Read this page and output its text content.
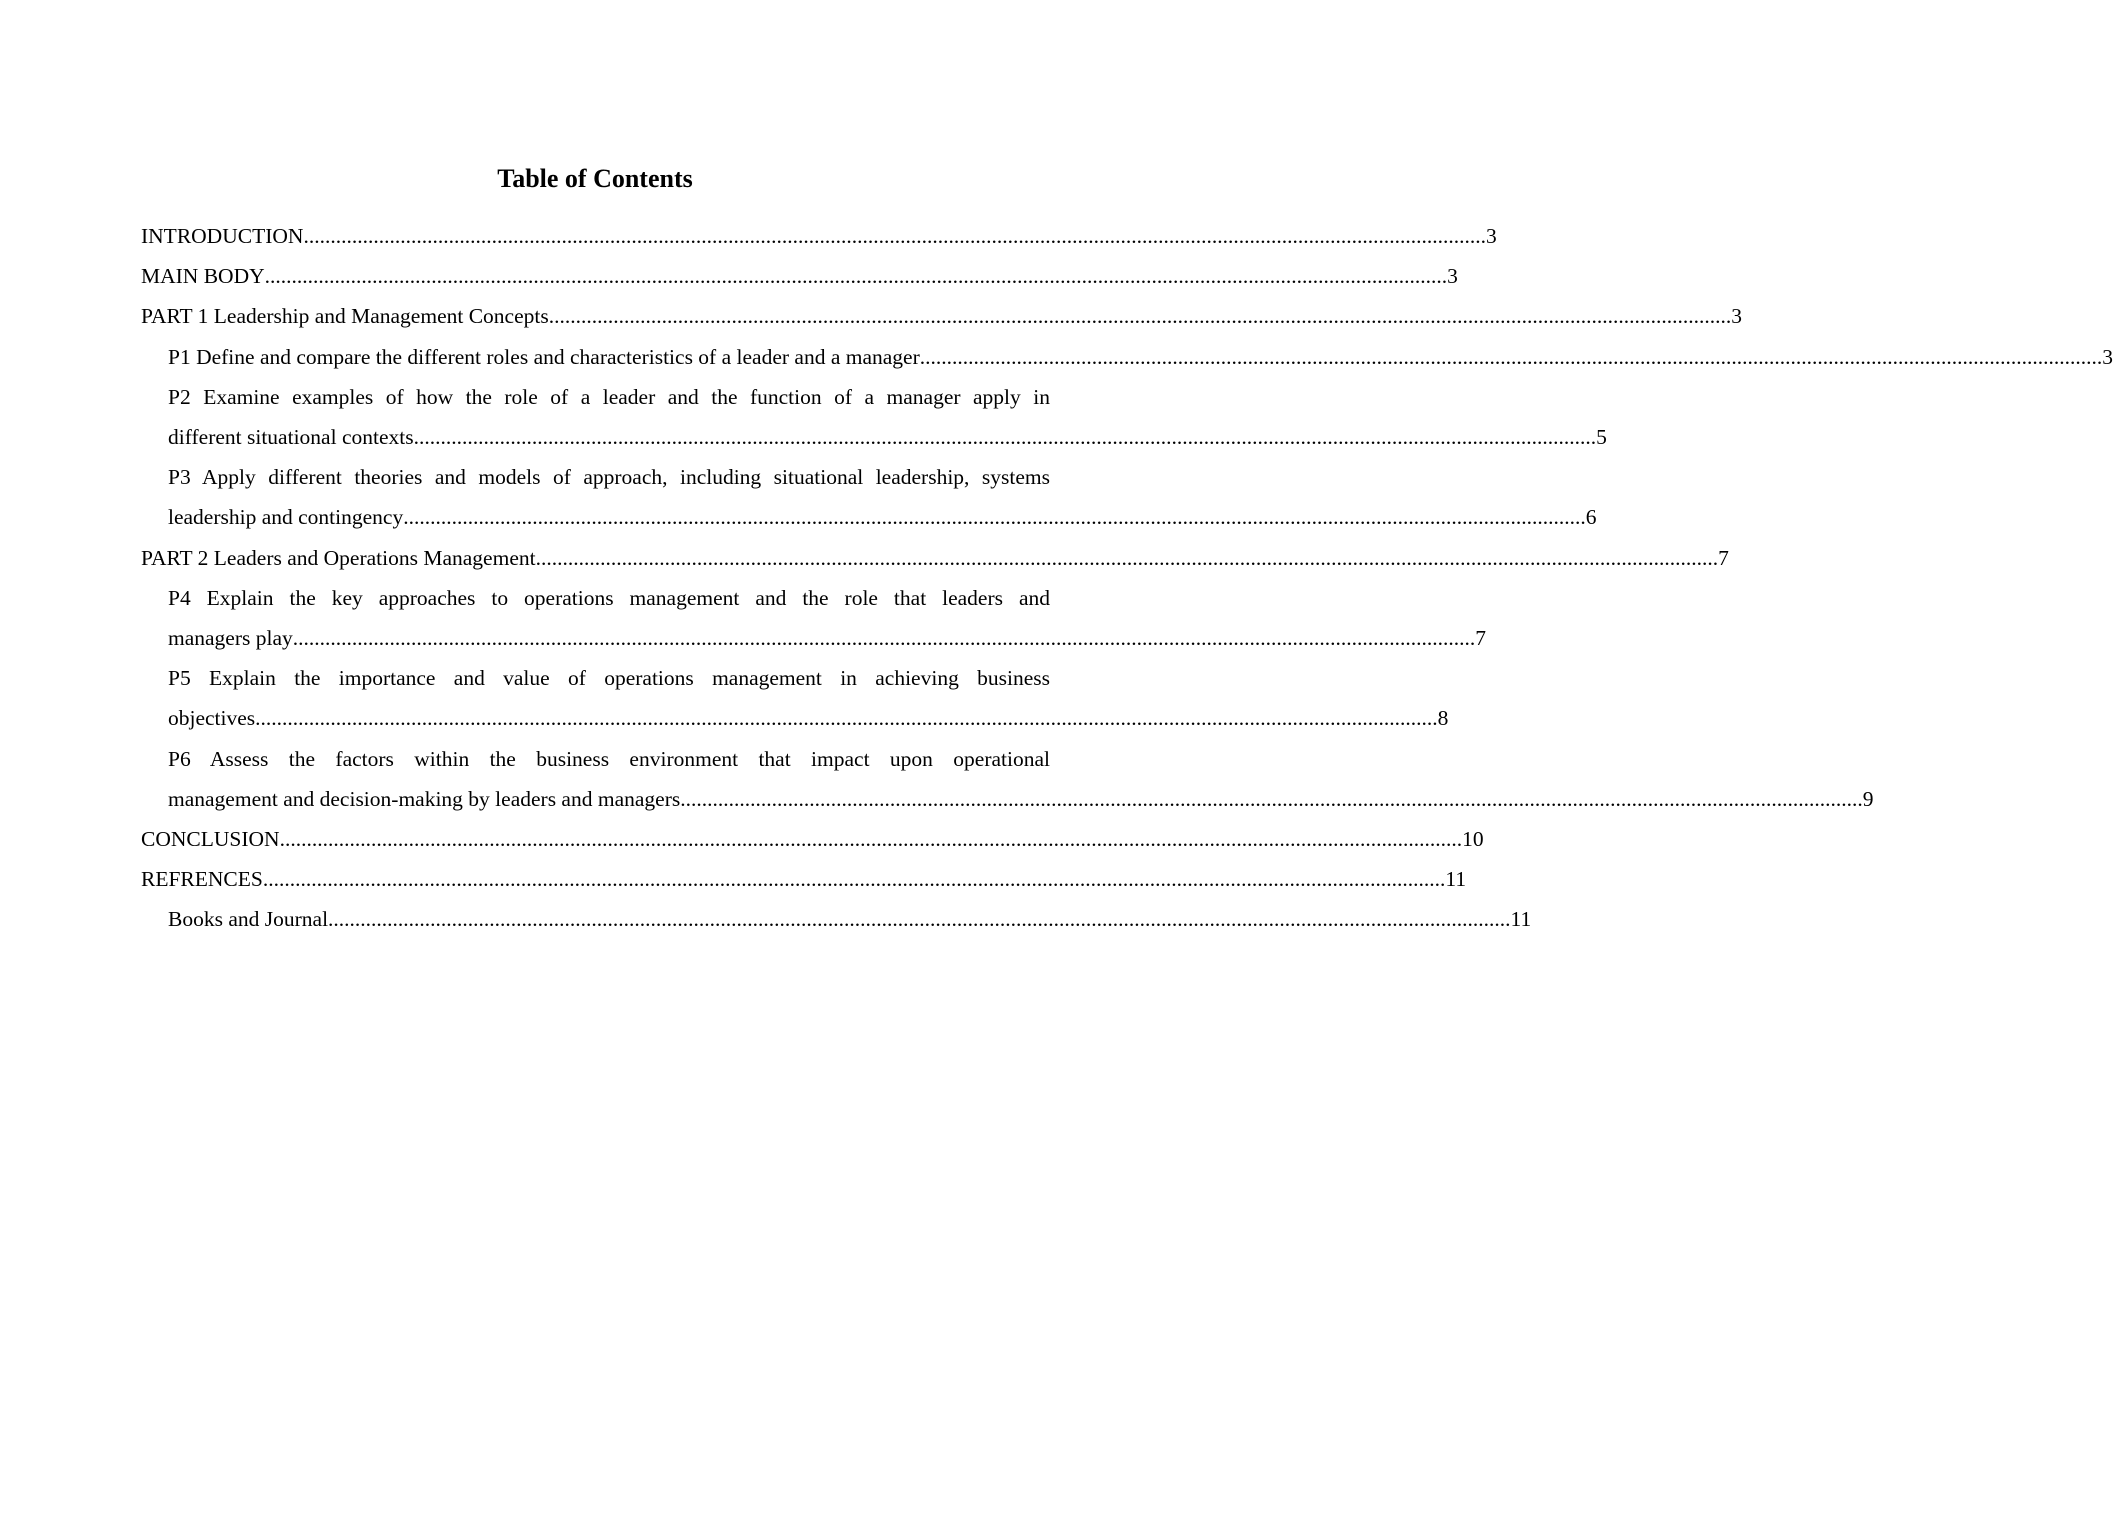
Table of Contents
INTRODUCTION ............................................................................................................................................................................................................................ 3
MAIN BODY ............................................................................................................................................................................................................................ 3
PART 1 Leadership and Management Concepts ............................................................................................................................................................................................................................ 3
P1 Define and compare the different roles and characteristics of a leader and a manager ............................................................................................................................................................................................................................ 3
P2 Examine examples of how the role of a leader and the function of a manager apply in
different situational contexts ............................................................................................................................................................................................................................ 5
P3 Apply different theories and models of approach, including situational leadership, systems
leadership and contingency ............................................................................................................................................................................................................................ 6
PART 2 Leaders and Operations Management ............................................................................................................................................................................................................................ 7
P4 Explain the key approaches to operations management and the role that leaders and
managers play ............................................................................................................................................................................................................................ 7
P5 Explain the importance and value of operations management in achieving business
objectives ............................................................................................................................................................................................................................ 8
P6 Assess the factors within the business environment that impact upon operational
management and decision-making by leaders and managers ............................................................................................................................................................................................................................ 9
CONCLUSION ............................................................................................................................................................................................................................ 10
REFRENCES ............................................................................................................................................................................................................................ 11
Books and Journal ............................................................................................................................................................................................................................ 11
